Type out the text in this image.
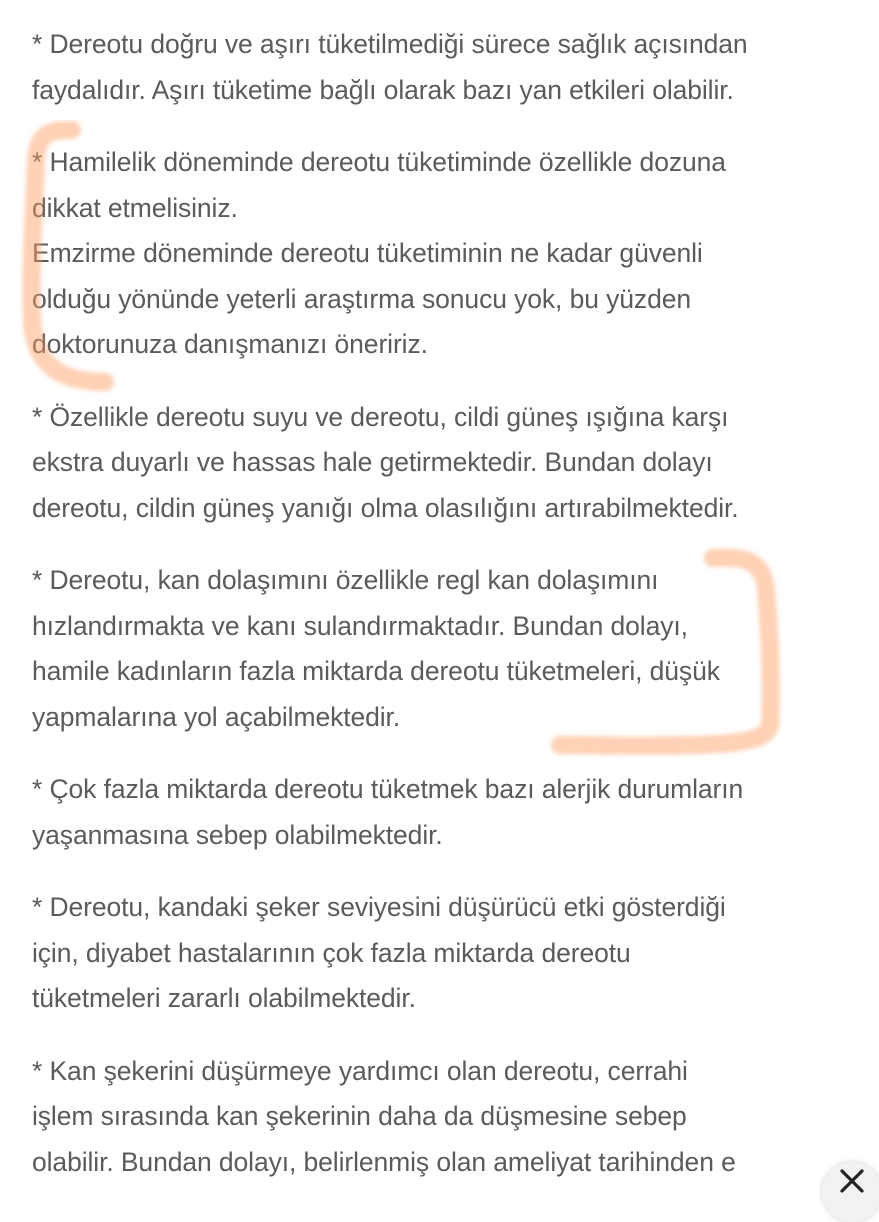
* Dereotu doğru ve aşırı tüketilmediği sürece sağlık açısından
faydalıdır. Aşırı tüketime bağlı olarak bazı yan etkileri olabilir.

* Hamilelik döneminde dereotu tüketiminde özellikle dozuna
dikkat etmelisiniz.
Emzirme döneminde dereotu tüketiminin ne kadar güvenli
olduğu yönünde yeterli araştırma sonucu yok, bu yüzden
doktorunuza danışmanızı öneririz.

* Özellikle dereotu suyu ve dereotu, cildi güneş ışığına karşı
ekstra duyarlı ve hassas hale getirmektedir. Bundan dolayı
dereotu, cildin güneş yanığı olma olasılığını artırabilmektedir.

* Dereotu, kan dolaşımını özellikle regl kan dolaşımını
hızlandırmakta ve kanı sulandırmaktadır. Bundan dolayı,
hamile kadınların fazla miktarda dereotu tüketmeleri, düşük
yapmalarına yol açabilmektedir.

* Çok fazla miktarda dereotu tüketmek bazı alerjik durumların
yaşanmasına sebep olabilmektedir.

* Dereotu, kandaki şeker seviyesini düşürücü etki gösterdiği
için, diyabet hastalarının çok fazla miktarda dereotu
tüketmeleri zararlı olabilmektedir.

* Kan şekerini düşürmeye yardımcı olan dereotu, cerrahi
işlem sırasında kan şekerinin daha da düşmesine sebep
olabilir. Bundan dolayı, belirlenmiş olan ameliyat tarihinden e
